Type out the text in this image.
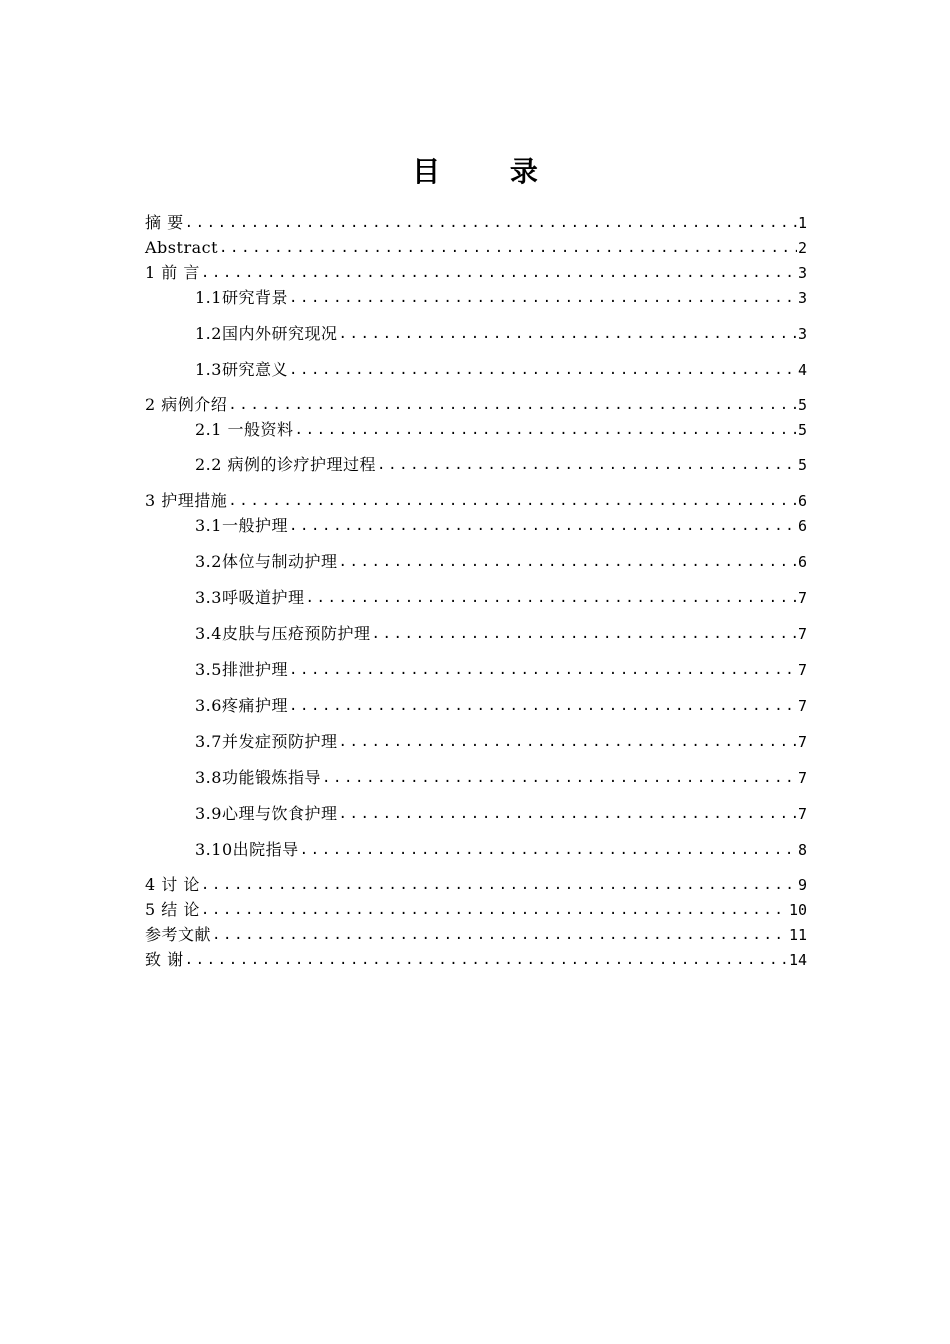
目 录
摘 要 .....	1
Abstract .....	2
1 前 言 .....	3
1.1研究背景 .....	3
1.2国内外研究现况 .....	3
1.3研究意义 .....	4
2 病例介绍 .....	5
2.1 一般资料 .....	5
2.2 病例的诊疗护理过程 .....	5
3 护理措施 .....	6
3.1一般护理 .....	6
3.2体位与制动护理 .....	6
3.3呼吸道护理 .....	7
3.4皮肤与压疮预防护理 .....	7
3.5排泄护理 .....	7
3.6疼痛护理 .....	7
3.7并发症预防护理 .....	7
3.8功能锻炼指导 .....	7
3.9心理与饮食护理 .....	7
3.10出院指导 .....	8
4 讨 论 .....	9
5 结 论 .....	10
参考文献 .....	11
致 谢 .....	14
